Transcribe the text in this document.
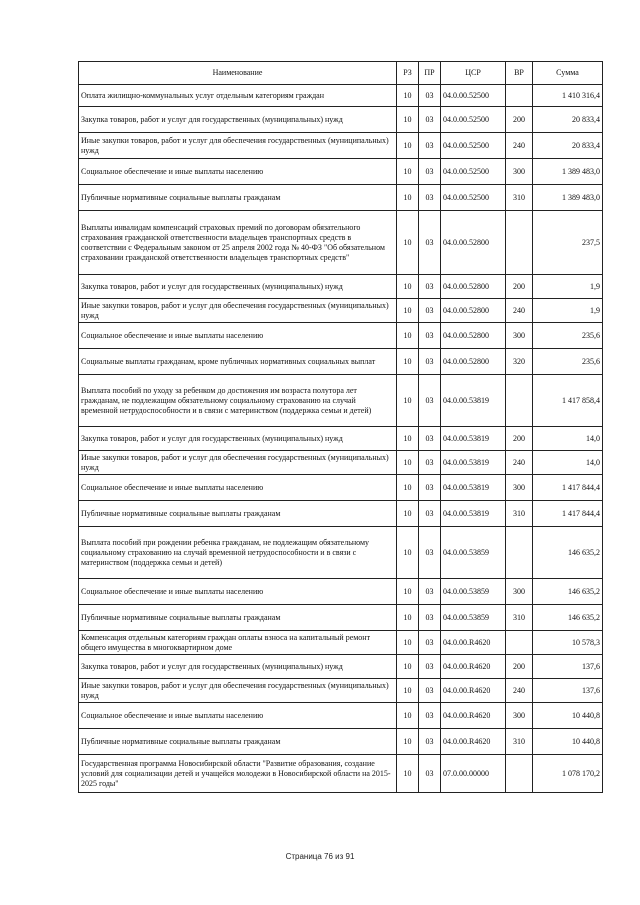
Наименование	РЗ	ПР	ЦСР	ВР	Сумма
Оплата жилищно-коммунальных услуг отдельным категориям граждан	10	03	04.0.00.52500		1 410 316,4
Закупка товаров, работ и услуг для государственных (муниципальных) нужд	10	03	04.0.00.52500	200	20 833,4
Иные закупки товаров, работ и услуг для обеспечения государственных (муниципальных) нужд	10	03	04.0.00.52500	240	20 833,4
Социальное обеспечение и иные выплаты населению	10	03	04.0.00.52500	300	1 389 483,0
Публичные нормативные социальные выплаты гражданам	10	03	04.0.00.52500	310	1 389 483,0
Выплаты инвалидам компенсаций страховых премий по договорам обязательного страхования гражданской ответственности владельцев транспортных средств в соответствии с Федеральным законом от 25 апреля 2002 года № 40-ФЗ "Об обязательном страховании гражданской ответственности владельцев транспортных средств"	10	03	04.0.00.52800		237,5
Закупка товаров, работ и услуг для государственных (муниципальных) нужд	10	03	04.0.00.52800	200	1,9
Иные закупки товаров, работ и услуг для обеспечения государственных (муниципальных) нужд	10	03	04.0.00.52800	240	1,9
Социальное обеспечение и иные выплаты населению	10	03	04.0.00.52800	300	235,6
Социальные выплаты гражданам, кроме публичных нормативных социальных выплат	10	03	04.0.00.52800	320	235,6
Выплата пособий по уходу за ребенком до достижения им возраста полутора лет гражданам, не подлежащим обязательному социальному страхованию на случай временной нетрудоспособности и в связи с материнством (поддержка семьи и детей)	10	03	04.0.00.53819		1 417 858,4
Закупка товаров, работ и услуг для государственных (муниципальных) нужд	10	03	04.0.00.53819	200	14,0
Иные закупки товаров, работ и услуг для обеспечения государственных (муниципальных) нужд	10	03	04.0.00.53819	240	14,0
Социальное обеспечение и иные выплаты населению	10	03	04.0.00.53819	300	1 417 844,4
Публичные нормативные социальные выплаты гражданам	10	03	04.0.00.53819	310	1 417 844,4
Выплата пособий при рождении ребенка гражданам, не подлежащим обязательному социальному страхованию на случай временной нетрудоспособности и в связи с материнством (поддержка семьи и детей)	10	03	04.0.00.53859		146 635,2
Социальное обеспечение и иные выплаты населению	10	03	04.0.00.53859	300	146 635,2
Публичные нормативные социальные выплаты гражданам	10	03	04.0.00.53859	310	146 635,2
Компенсация отдельным категориям граждан оплаты взноса на капитальный ремонт общего имущества в многоквартирном доме	10	03	04.0.00.R4620		10 578,3
Закупка товаров, работ и услуг для государственных (муниципальных) нужд	10	03	04.0.00.R4620	200	137,6
Иные закупки товаров, работ и услуг для обеспечения государственных (муниципальных) нужд	10	03	04.0.00.R4620	240	137,6
Социальное обеспечение и иные выплаты населению	10	03	04.0.00.R4620	300	10 440,8
Публичные нормативные социальные выплаты гражданам	10	03	04.0.00.R4620	310	10 440,8
Государственная программа Новосибирской области "Развитие образования, создание условий для социализации детей и учащейся молодежи в Новосибирской области на 2015-2025 годы"	10	03	07.0.00.00000		1 078 170,2
Страница 76 из 91
